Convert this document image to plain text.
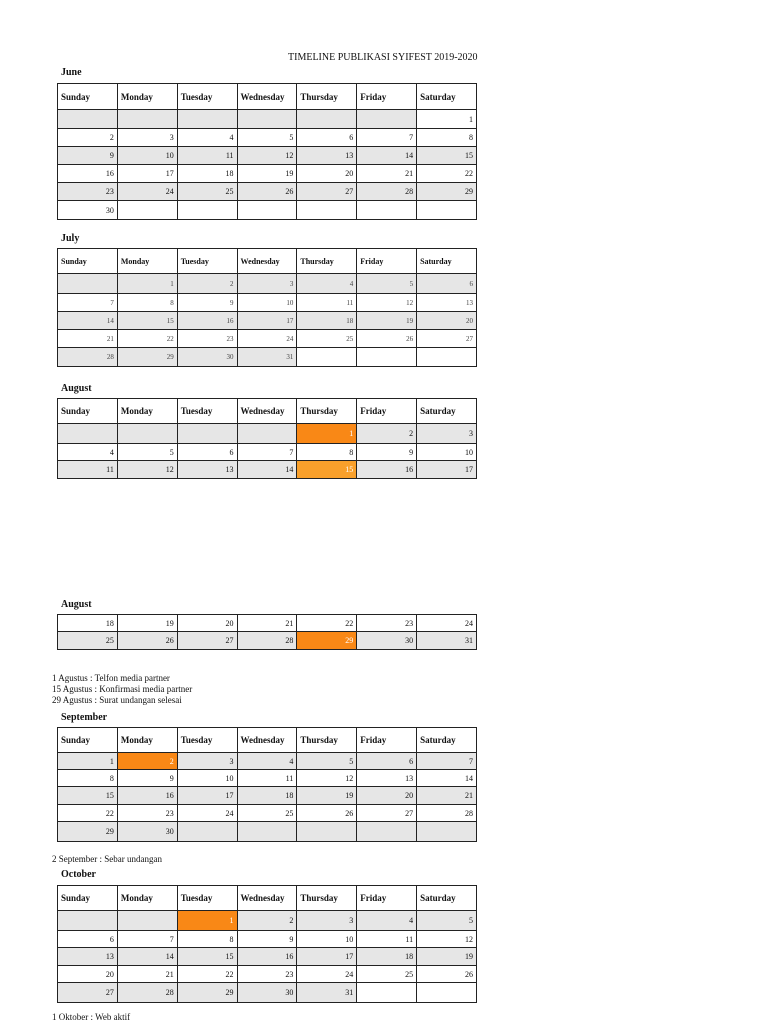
TIMELINE PUBLIKASI SYIFEST 2019-2020
June
Sunday	Monday	Tuesday	Wednesday	Thursday	Friday	Saturday
						1
2	3	4	5	6	7	8
9	10	11	12	13	14	15
16	17	18	19	20	21	22
23	24	25	26	27	28	29
30						
July
Sunday	Monday	Tuesday	Wednesday	Thursday	Friday	Saturday
	1	2	3	4	5	6
7	8	9	10	11	12	13
14	15	16	17	18	19	20
21	22	23	24	25	26	27
28	29	30	31			
August
Sunday	Monday	Tuesday	Wednesday	Thursday	Friday	Saturday
				1	2	3
4	5	6	7	8	9	10
11	12	13	14	15	16	17
August
18	19	20	21	22	23	24
25	26	27	28	29	30	31
1 Agustus : Telfon media partner
15 Agustus : Konfirmasi media partner
29 Agustus : Surat undangan selesai
September
Sunday	Monday	Tuesday	Wednesday	Thursday	Friday	Saturday
1	2	3	4	5	6	7
8	9	10	11	12	13	14
15	16	17	18	19	20	21
22	23	24	25	26	27	28
29	30					
2 September : Sebar undangan
October
Sunday	Monday	Tuesday	Wednesday	Thursday	Friday	Saturday
		1	2	3	4	5
6	7	8	9	10	11	12
13	14	15	16	17	18	19
20	21	22	23	24	25	26
27	28	29	30	31		
1 Oktober : Web aktif
